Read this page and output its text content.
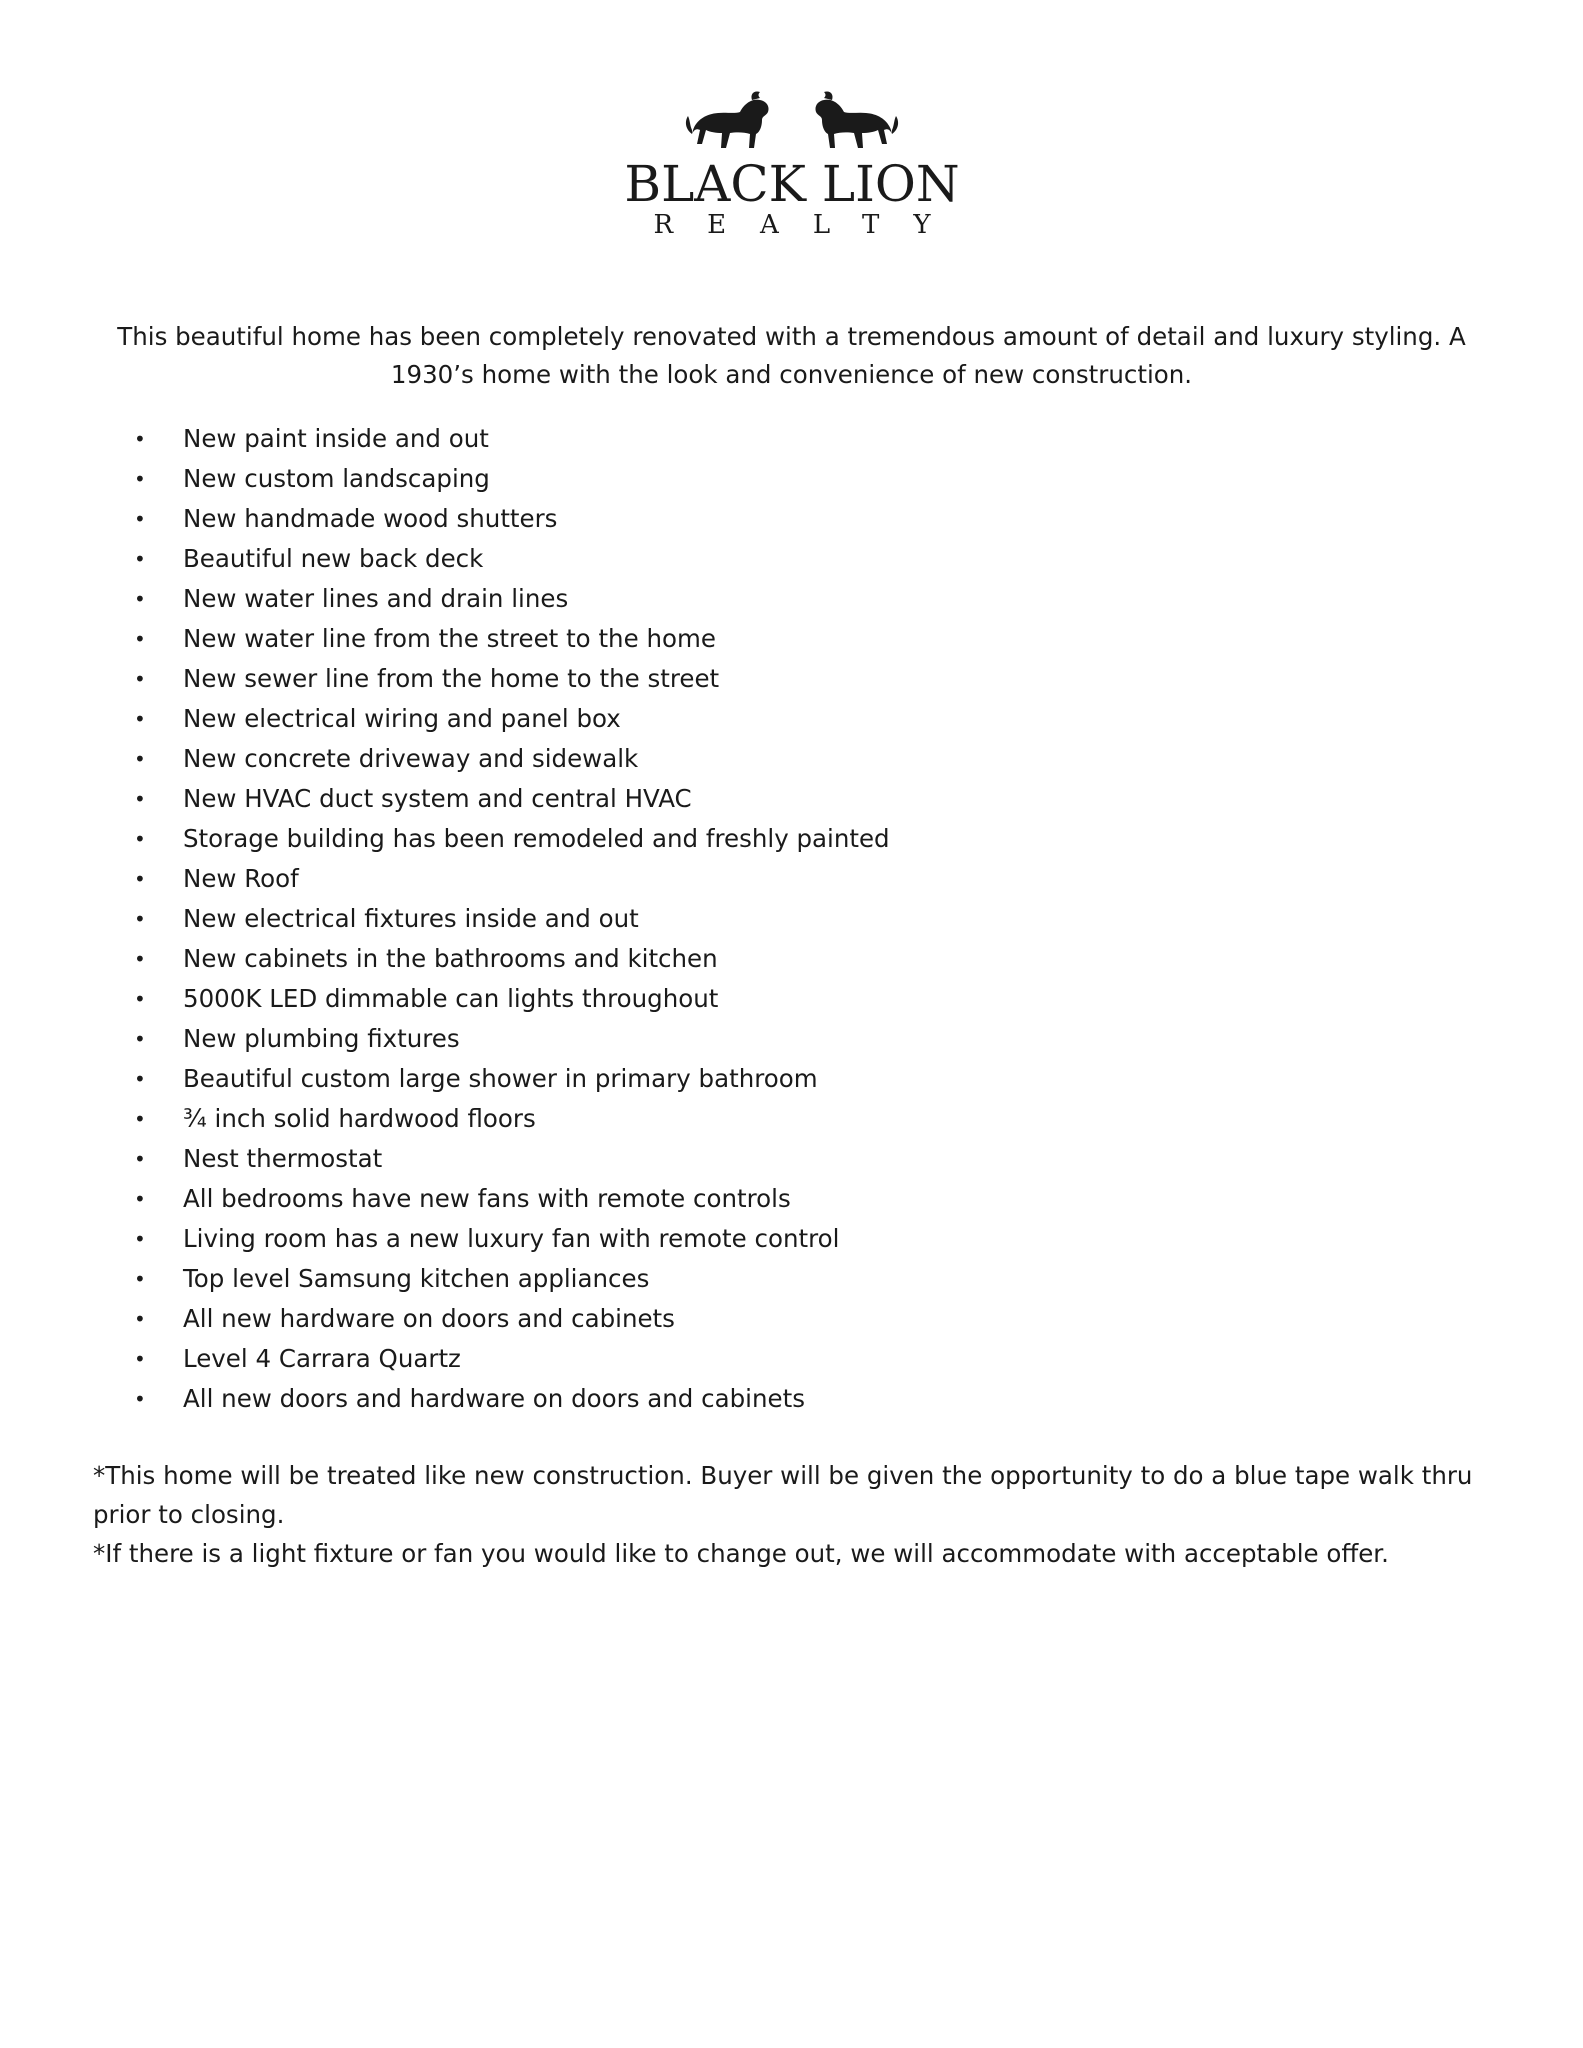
BLACK LION
REALTY
This beautiful home has been completely renovated with a tremendous amount of detail and luxury styling. A 1930’s home with the look and convenience of new construction.
• New paint inside and out
• New custom landscaping
• New handmade wood shutters
• Beautiful new back deck
• New water lines and drain lines
• New water line from the street to the home
• New sewer line from the home to the street
• New electrical wiring and panel box
• New concrete driveway and sidewalk
• New HVAC duct system and central HVAC
• Storage building has been remodeled and freshly painted
• New Roof
• New electrical fixtures inside and out
• New cabinets in the bathrooms and kitchen
• 5000K LED dimmable can lights throughout
• New plumbing fixtures
• Beautiful custom large shower in primary bathroom
• ¾ inch solid hardwood floors
• Nest thermostat
• All bedrooms have new fans with remote controls
• Living room has a new luxury fan with remote control
• Top level Samsung kitchen appliances
• All new hardware on doors and cabinets
• Level 4 Carrara Quartz
• All new doors and hardware on doors and cabinets

*This home will be treated like new construction. Buyer will be given the opportunity to do a blue tape walk thru prior to closing.

*If there is a light fixture or fan you would like to change out, we will accommodate with acceptable offer.
